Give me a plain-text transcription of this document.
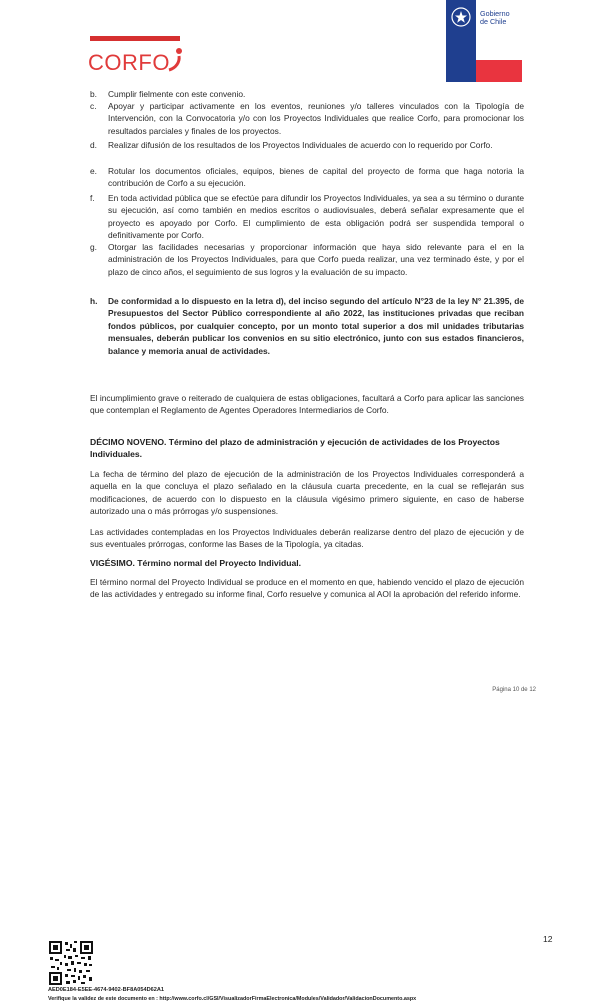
CORFO
Gobierno
de Chile
b. Cumplir fielmente con este convenio.
c. Apoyar y participar activamente en los eventos, reuniones y/o talleres vinculados con la Tipología de Intervención, con la Convocatoria y/o con los Proyectos Individuales que realice Corfo, para promocionar los resultados parciales y finales de los proyectos.
d. Realizar difusión de los resultados de los Proyectos Individuales de acuerdo con lo requerido por Corfo.
e. Rotular los documentos oficiales, equipos, bienes de capital del proyecto de forma que haga notoria la contribución de Corfo a su ejecución.
f. En toda actividad pública que se efectúe para difundir los Proyectos Individuales, ya sea a su término o durante su ejecución, así como también en medios escritos o audiovisuales, deberá señalar expresamente que el proyecto es apoyado por Corfo. El cumplimiento de esta obligación podrá ser suspendida temporal o definitivamente por Corfo.
g. Otorgar las facilidades necesarias y proporcionar información que haya sido relevante para el en la administración de los Proyectos Individuales, para que Corfo pueda realizar, una vez terminado éste, y por el plazo de cinco años, el seguimiento de sus logros y la evaluación de su impacto.
h. De conformidad a lo dispuesto en la letra d), del inciso segundo del artículo N°23 de la ley N° 21.395, de Presupuestos del Sector Público correspondiente al año 2022, las instituciones privadas que reciban fondos públicos, por cualquier concepto, por un monto total superior a dos mil unidades tributarias mensuales, deberán publicar los convenios en su sitio electrónico, junto con sus estados financieros, balance y memoria anual de actividades.
El incumplimiento grave o reiterado de cualquiera de estas obligaciones, facultará a Corfo para aplicar las sanciones que contemplan el Reglamento de Agentes Operadores Intermediarios de Corfo.
DÉCIMO NOVENO. Término del plazo de administración y ejecución de actividades de los Proyectos Individuales.
La fecha de término del plazo de ejecución de la administración de los Proyectos Individuales corresponderá a aquella en la que concluya el plazo señalado en la cláusula cuarta precedente, en la cual se reflejarán sus modificaciones, de acuerdo con lo dispuesto en la cláusula vigésimo primero siguiente, en caso de haberse autorizado una o más prórrogas y/o suspensiones.
Las actividades contempladas en los Proyectos Individuales deberán realizarse dentro del plazo de ejecución y de sus eventuales prórrogas, conforme las Bases de la Tipología, ya citadas.
VIGÉSIMO. Término normal del Proyecto Individual.
El término normal del Proyecto Individual se produce en el momento en que, habiendo vencido el plazo de ejecución de las actividades y entregado su informe final, Corfo resuelve y comunica al AOI la aprobación del referido informe.
Página 10 de 12
12
AED0E184-E5EE-4674-9402-BF8A054D62A1
Verifique la validez de este documento en : http://www.corfo.cl/GSI/VisualizadorFirmaElectronica/Modules/Validador/ValidacionDocumento.aspx
